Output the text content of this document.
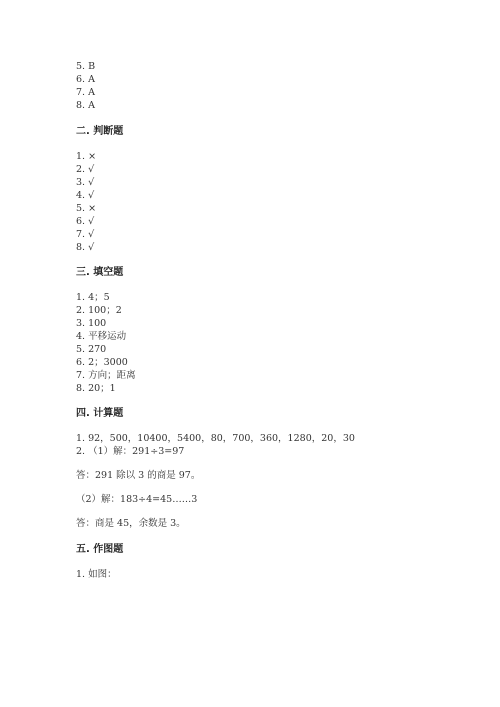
5. B

6. A

7. A

8. A

二. 判断题

1. ×

2. √

3. √

4. √

5. ×

6. √

7. √

8. √

三. 填空题

1. 4；5

2. 100；2

3. 100

4. 平移运动

5. 270

6. 2；3000

7. 方向；距离

8. 20；1

四. 计算题

1. 92，500，10400，5400，80，700，360，1280，20，30

2. （1）解：291÷3=97

答：291 除以 3 的商是 97。

（2）解：183÷4=45……3

答：商是 45，余数是 3。

五. 作图题

1. 如图：
